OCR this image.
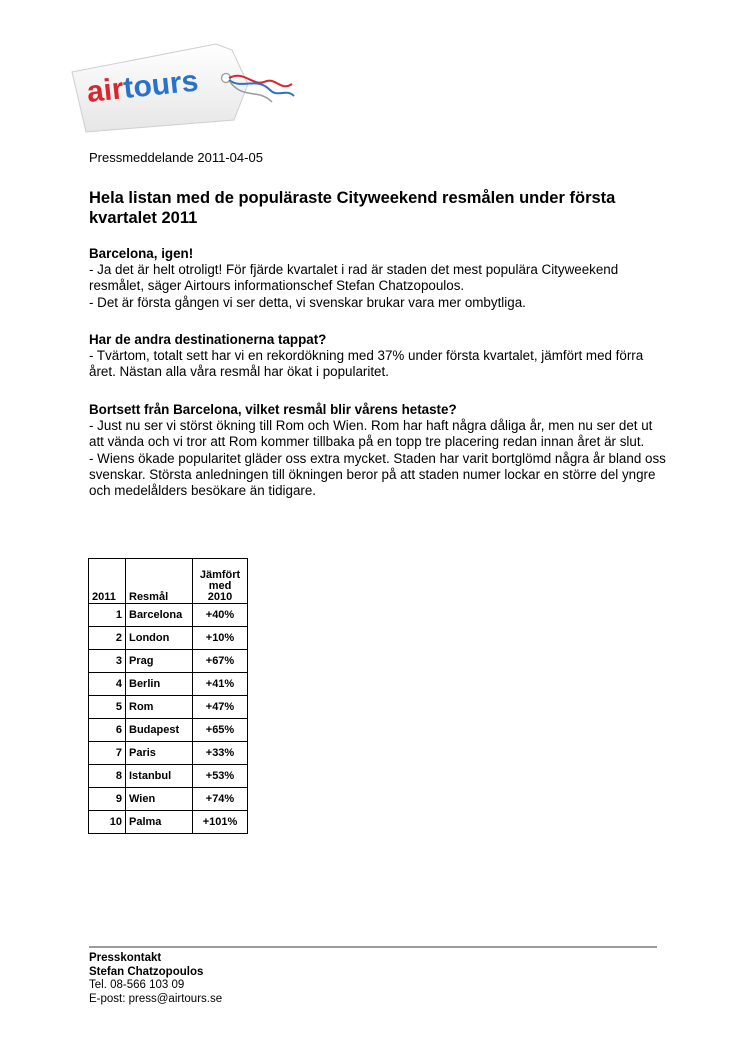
airtours
Pressmeddelande 2011-04-05
Hela listan med de populäraste Cityweekend resmålen under första kvartalet 2011
Barcelona, igen!

- Ja det är helt otroligt! För fjärde kvartalet i rad är staden det mest populära Cityweekend resmålet, säger Airtours informationschef Stefan Chatzopoulos.

- Det är första gången vi ser detta, vi svenskar brukar vara mer ombytliga.

Har de andra destinationerna tappat?

- Tvärtom, totalt sett har vi en rekordökning med 37% under första kvartalet, jämfört med förra året. Nästan alla våra resmål har ökat i popularitet.

Bortsett från Barcelona, vilket resmål blir vårens hetaste?

- Just nu ser vi störst ökning till Rom och Wien. Rom har haft några dåliga år, men nu ser det ut att vända och vi tror att Rom kommer tillbaka på en topp tre placering redan innan året är slut.

- Wiens ökade popularitet gläder oss extra mycket. Staden har varit bortglömd några år bland oss svenskar. Största anledningen till ökningen beror på att staden numer lockar en större del yngre och medelålders besökare än tidigare.

2011	Resmål	Jämfört med 2010
1	Barcelona	+40%
2	London	+10%
3	Prag	+67%
4	Berlin	+41%
5	Rom	+47%
6	Budapest	+65%
7	Paris	+33%
8	Istanbul	+53%
9	Wien	+74%
10	Palma	+101%
Presskontakt
Stefan Chatzopoulos
Tel. 08-566 103 09
E-post: press@airtours.se
